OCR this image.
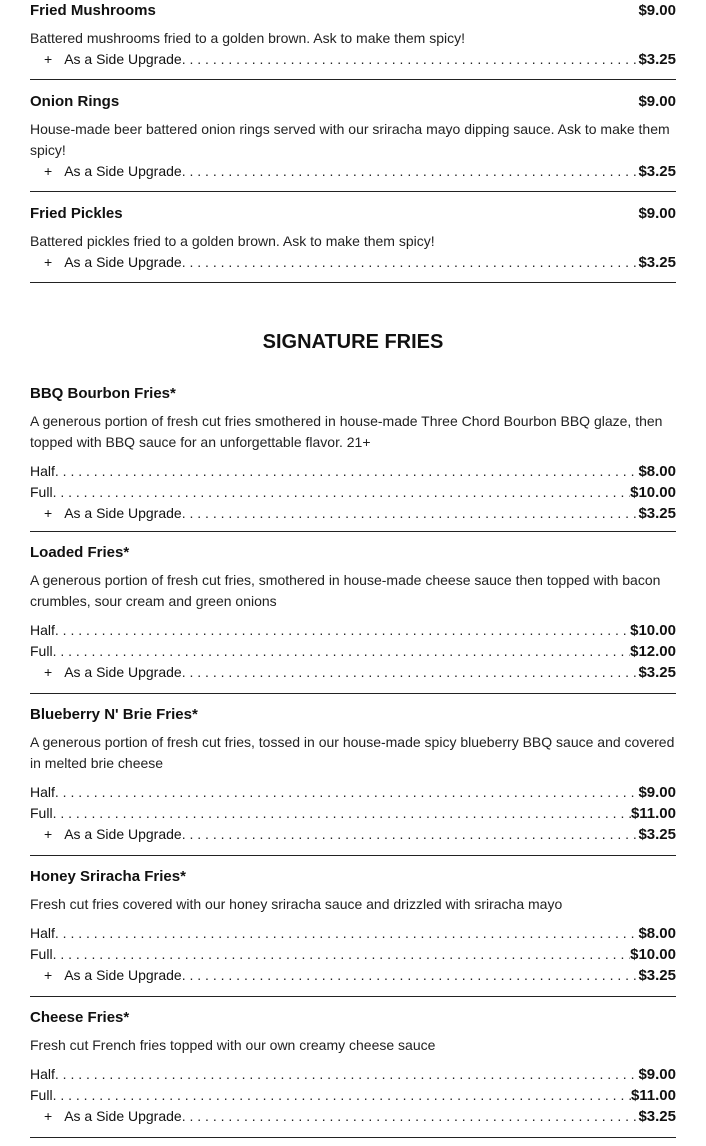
Fried Mushrooms	$9.00
Battered mushrooms fried to a golden brown. Ask to make them spicy!
+ As a Side Upgrade . . .	$3.25
Onion Rings	$9.00
House-made beer battered onion rings served with our sriracha mayo dipping sauce. Ask to make them spicy!
+ As a Side Upgrade . . .	$3.25
Fried Pickles	$9.00
Battered pickles fried to a golden brown. Ask to make them spicy!
+ As a Side Upgrade . . .	$3.25
SIGNATURE FRIES
BBQ Bourbon Fries*
A generous portion of fresh cut fries smothered in house-made Three Chord Bourbon BBQ glaze, then topped with BBQ sauce for an unforgettable flavor. 21+
Half . . .	$8.00
Full . . .	$10.00
+ As a Side Upgrade . . .	$3.25
Loaded Fries*
A generous portion of fresh cut fries, smothered in house-made cheese sauce then topped with bacon crumbles, sour cream and green onions
Half . . .	$10.00
Full . . .	$12.00
+ As a Side Upgrade . . .	$3.25
Blueberry N' Brie Fries*
A generous portion of fresh cut fries, tossed in our house-made spicy blueberry BBQ sauce and covered in melted brie cheese
Half . . .	$9.00
Full . . .	$11.00
+ As a Side Upgrade . . .	$3.25
Honey Sriracha Fries*
Fresh cut fries covered with our honey sriracha sauce and drizzled with sriracha mayo
Half . . .	$8.00
Full . . .	$10.00
+ As a Side Upgrade . . .	$3.25
Cheese Fries*
Fresh cut French fries topped with our own creamy cheese sauce
Half . . .	$9.00
Full . . .	$11.00
+ As a Side Upgrade . . .	$3.25
